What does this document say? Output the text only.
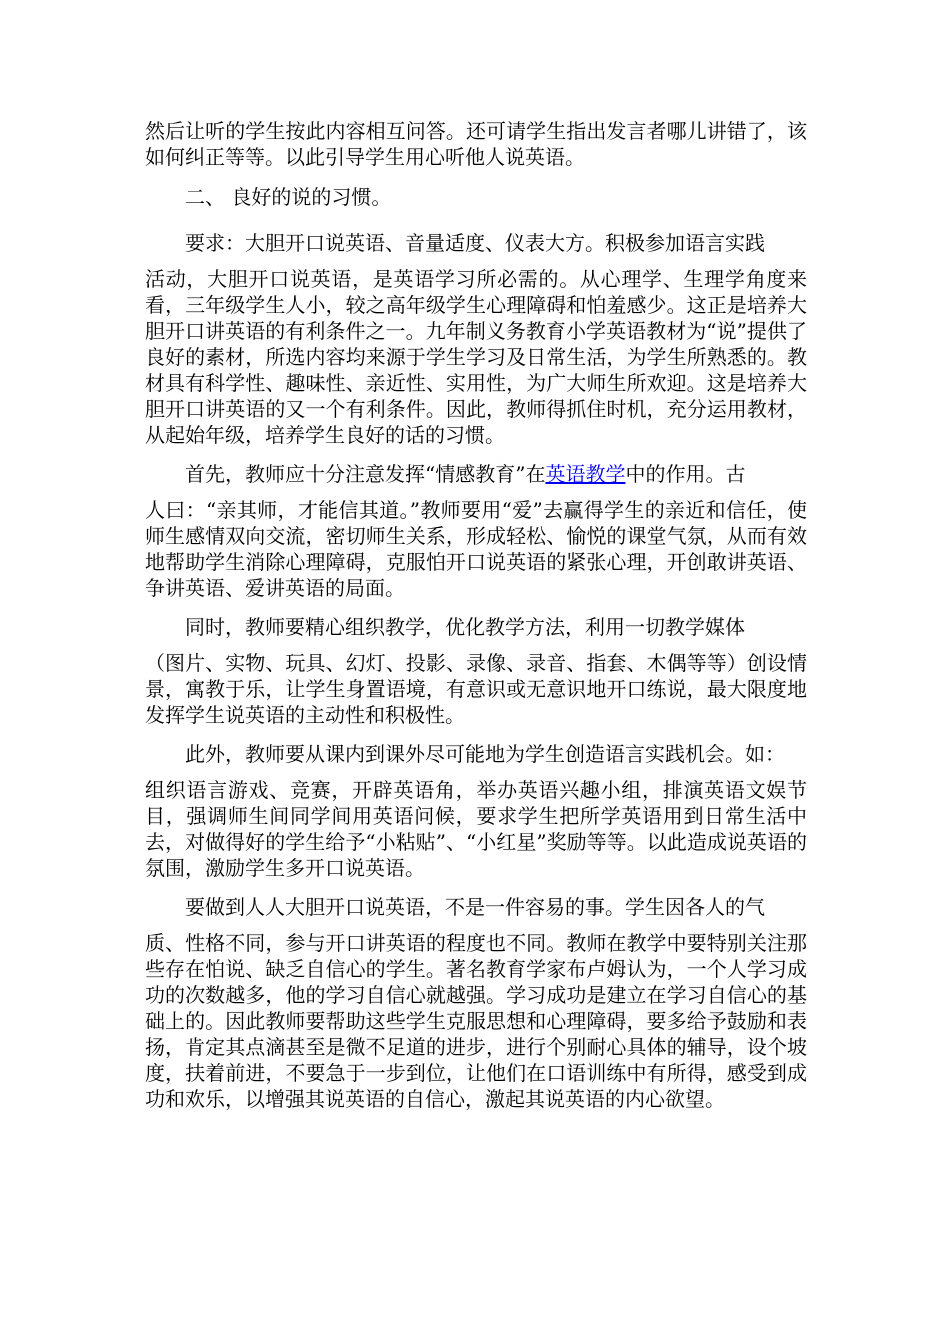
然后让听的学生按此内容相互问答。还可请学生指出发言者哪儿讲错了，该如何纠正等等。以此引导学生用心听他人说英语。

二、 良好的说的习惯。

要求：大胆开口说英语、音量适度、仪表大方。积极参加语言实践
活动，大胆开口说英语，是英语学习所必需的。从心理学、生理学角度来看，三年级学生人小，较之高年级学生心理障碍和怕羞感少。这正是培养大胆开口讲英语的有利条件之一。九年制义务教育小学英语教材为“说”提供了良好的素材，所选内容均来源于学生学习及日常生活，为学生所熟悉的。教材具有科学性、趣味性、亲近性、实用性，为广大师生所欢迎。这是培养大胆开口讲英语的又一个有利条件。因此，教师得抓住时机，充分运用教材，从起始年级，培养学生良好的话的习惯。

首先，教师应十分注意发挥“情感教育”在英语教学中的作用。古
人曰：“亲其师，才能信其道。”教师要用“爱”去赢得学生的亲近和信任，使师生感情双向交流，密切师生关系，形成轻松、愉悦的课堂气氛，从而有效地帮助学生消除心理障碍，克服怕开口说英语的紧张心理，开创敢讲英语、争讲英语、爱讲英语的局面。

同时，教师要精心组织教学，优化教学方法，利用一切教学媒体
（图片、实物、玩具、幻灯、投影、录像、录音、指套、木偶等等）创设情景，寓教于乐，让学生身置语境，有意识或无意识地开口练说，最大限度地发挥学生说英语的主动性和积极性。

此外，教师要从课内到课外尽可能地为学生创造语言实践机会。如：
组织语言游戏、竞赛，开辟英语角，举办英语兴趣小组，排演英语文娱节目，强调师生间同学间用英语问候，要求学生把所学英语用到日常生活中去，对做得好的学生给予“小粘贴”、“小红星”奖励等等。以此造成说英语的氛围，激励学生多开口说英语。

要做到人人大胆开口说英语，不是一件容易的事。学生因各人的气
质、性格不同，参与开口讲英语的程度也不同。教师在教学中要特别关注那些存在怕说、缺乏自信心的学生。著名教育学家布卢姆认为，一个人学习成功的次数越多，他的学习自信心就越强。学习成功是建立在学习自信心的基础上的。因此教师要帮助这些学生克服思想和心理障碍，要多给予鼓励和表扬，肯定其点滴甚至是微不足道的进步，进行个别耐心具体的辅导，设个坡度，扶着前进，不要急于一步到位，让他们在口语训练中有所得，感受到成功和欢乐，以增强其说英语的自信心，激起其说英语的内心欲望。
